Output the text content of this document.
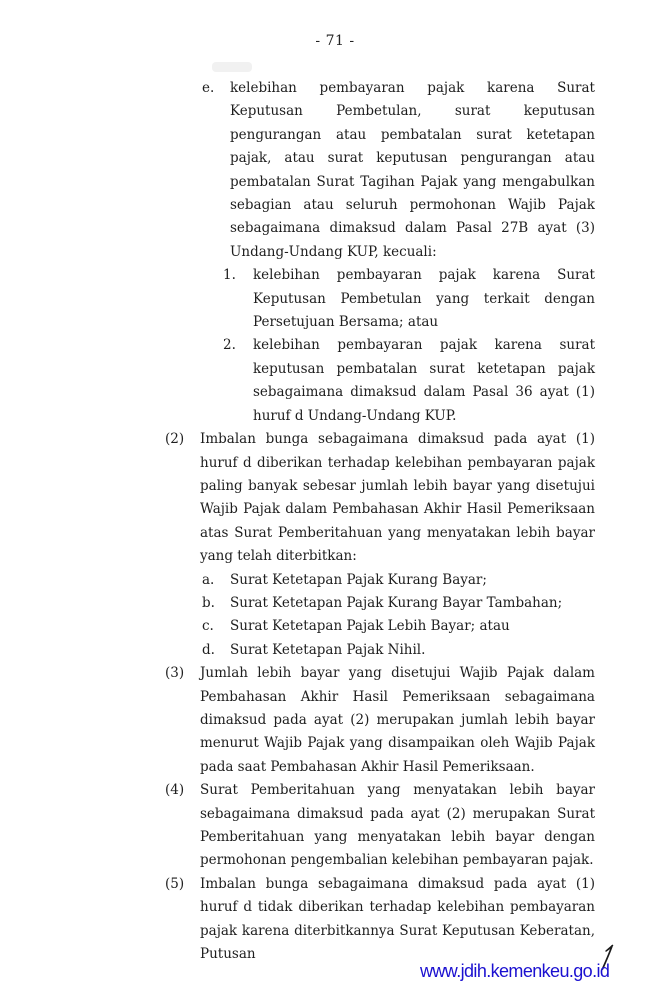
- 71 -
e.	kelebihan pembayaran pajak karena Surat Keputusan Pembetulan, surat keputusan pengurangan atau pembatalan surat ketetapan pajak, atau surat keputusan pengurangan atau pembatalan Surat Tagihan Pajak yang mengabulkan sebagian atau seluruh permohonan Wajib Pajak sebagaimana dimaksud dalam Pasal 27B ayat (3) Undang-Undang KUP, kecuali:
1.	kelebihan pembayaran pajak karena Surat Keputusan Pembetulan yang terkait dengan Persetujuan Bersama; atau
2.	kelebihan pembayaran pajak karena surat keputusan pembatalan surat ketetapan pajak sebagaimana dimaksud dalam Pasal 36 ayat (1) huruf d Undang-Undang KUP.
(2)	Imbalan bunga sebagaimana dimaksud pada ayat (1) huruf d diberikan terhadap kelebihan pembayaran pajak paling banyak sebesar jumlah lebih bayar yang disetujui Wajib Pajak dalam Pembahasan Akhir Hasil Pemeriksaan atas Surat Pemberitahuan yang menyatakan lebih bayar yang telah diterbitkan:
a.	Surat Ketetapan Pajak Kurang Bayar;
b.	Surat Ketetapan Pajak Kurang Bayar Tambahan;
c.	Surat Ketetapan Pajak Lebih Bayar; atau
d.	Surat Ketetapan Pajak Nihil.
(3)	Jumlah lebih bayar yang disetujui Wajib Pajak dalam Pembahasan Akhir Hasil Pemeriksaan sebagaimana dimaksud pada ayat (2) merupakan jumlah lebih bayar menurut Wajib Pajak yang disampaikan oleh Wajib Pajak pada saat Pembahasan Akhir Hasil Pemeriksaan.
(4)	Surat Pemberitahuan yang menyatakan lebih bayar sebagaimana dimaksud pada ayat (2) merupakan Surat Pemberitahuan yang menyatakan lebih bayar dengan permohonan pengembalian kelebihan pembayaran pajak.
(5)	Imbalan bunga sebagaimana dimaksud pada ayat (1) huruf d tidak diberikan terhadap kelebihan pembayaran pajak karena diterbitkannya Surat Keputusan Keberatan, Putusan
www.jdih.kemenkeu.go.id
